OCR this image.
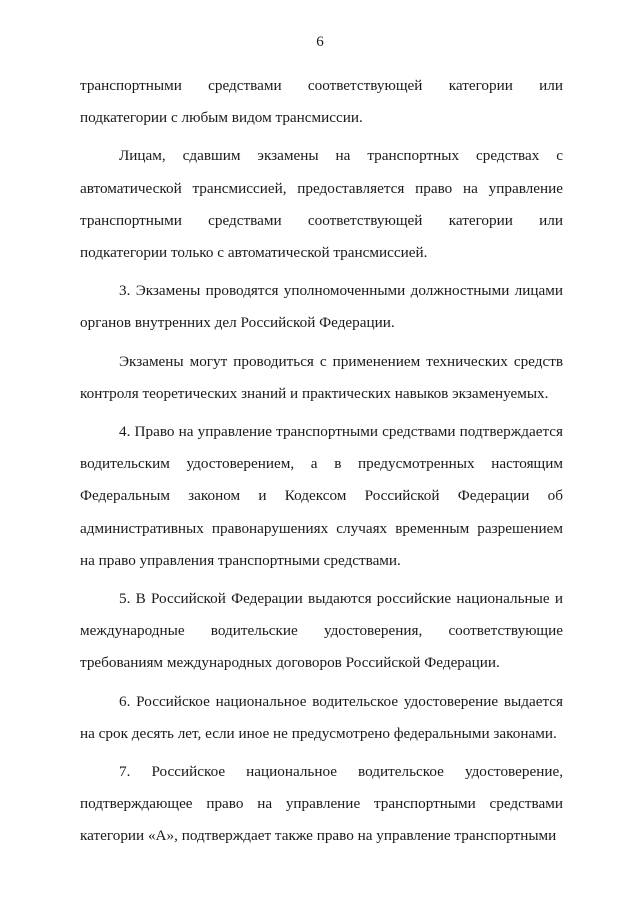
6

транспортными средствами соответствующей категории или подкатегории с любым видом трансмиссии.

Лицам, сдавшим экзамены на транспортных средствах с автоматической трансмиссией, предоставляется право на управление транспортными средствами соответствующей категории или подкатегории только с автоматической трансмиссией.

3. Экзамены проводятся уполномоченными должностными лицами органов внутренних дел Российской Федерации.

Экзамены могут проводиться с применением технических средств контроля теоретических знаний и практических навыков экзаменуемых.

4. Право на управление транспортными средствами подтверждается водительским удостоверением, а в предусмотренных настоящим Федеральным законом и Кодексом Российской Федерации об административных правонарушениях случаях временным разрешением на право управления транспортными средствами.

5. В Российской Федерации выдаются российские национальные и международные водительские удостоверения, соответствующие требованиям международных договоров Российской Федерации.

6. Российское национальное водительское удостоверение выдается на срок десять лет, если иное не предусмотрено федеральными законами.

7. Российское национальное водительское удостоверение, подтверждающее право на управление транспортными средствами категории «А», подтверждает также право на управление транспортными
